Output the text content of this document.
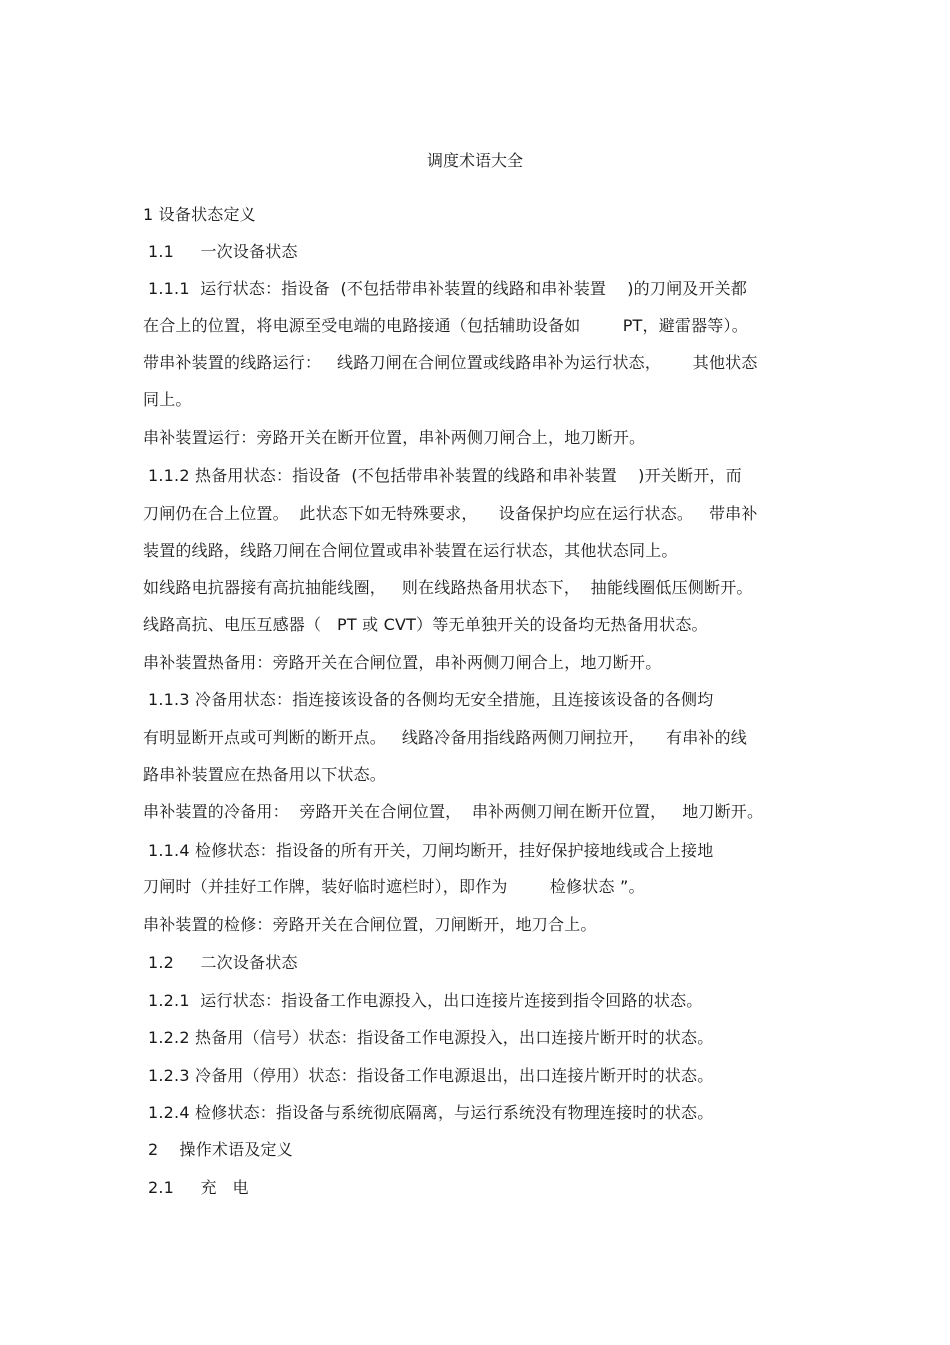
调度术语大全
1 设备状态定义
1.1     一次设备状态
1.1.1  运行状态：指设备  (不包括带串补装置的线路和串补装置    )的刀闸及开关都
在合上的位置，将电源至受电端的电路接通（包括辅助设备如        PT，避雷器等）。
带串补装置的线路运行：   线路刀闸在合闸位置或线路串补为运行状态，      其他状态
同上。
串补装置运行：旁路开关在断开位置，串补两侧刀闸合上，地刀断开。
1.1.2 热备用状态：指设备  (不包括带串补装置的线路和串补装置    )开关断开，而
刀闸仍在合上位置。  此状态下如无特殊要求，    设备保护均应在运行状态。   带串补
装置的线路，线路刀闸在合闸位置或串补装置在运行状态，其他状态同上。
如线路电抗器接有高抗抽能线圈，   则在线路热备用状态下，  抽能线圈低压侧断开。
线路高抗、电压互感器（   PT 或 CVT）等无单独开关的设备均无热备用状态。
串补装置热备用：旁路开关在合闸位置，串补两侧刀闸合上，地刀断开。
1.1.3 冷备用状态：指连接该设备的各侧均无安全措施，且连接该设备的各侧均
有明显断开点或可判断的断开点。   线路冷备用指线路两侧刀闸拉开，    有串补的线
路串补装置应在热备用以下状态。
串补装置的冷备用：  旁路开关在合闸位置，  串补两侧刀闸在断开位置，   地刀断开。
1.1.4 检修状态：指设备的所有开关，刀闸均断开，挂好保护接地线或合上接地
刀闸时（并挂好工作牌，装好临时遮栏时），即作为        检修状态 ”。
串补装置的检修：旁路开关在合闸位置，刀闸断开，地刀合上。
1.2     二次设备状态
1.2.1  运行状态：指设备工作电源投入，出口连接片连接到指令回路的状态。
1.2.2 热备用（信号）状态：指设备工作电源投入，出口连接片断开时的状态。
1.2.3 冷备用（停用）状态：指设备工作电源退出，出口连接片断开时的状态。
1.2.4 检修状态：指设备与系统彻底隔离，与运行系统没有物理连接时的状态。
2    操作术语及定义
2.1     充   电
